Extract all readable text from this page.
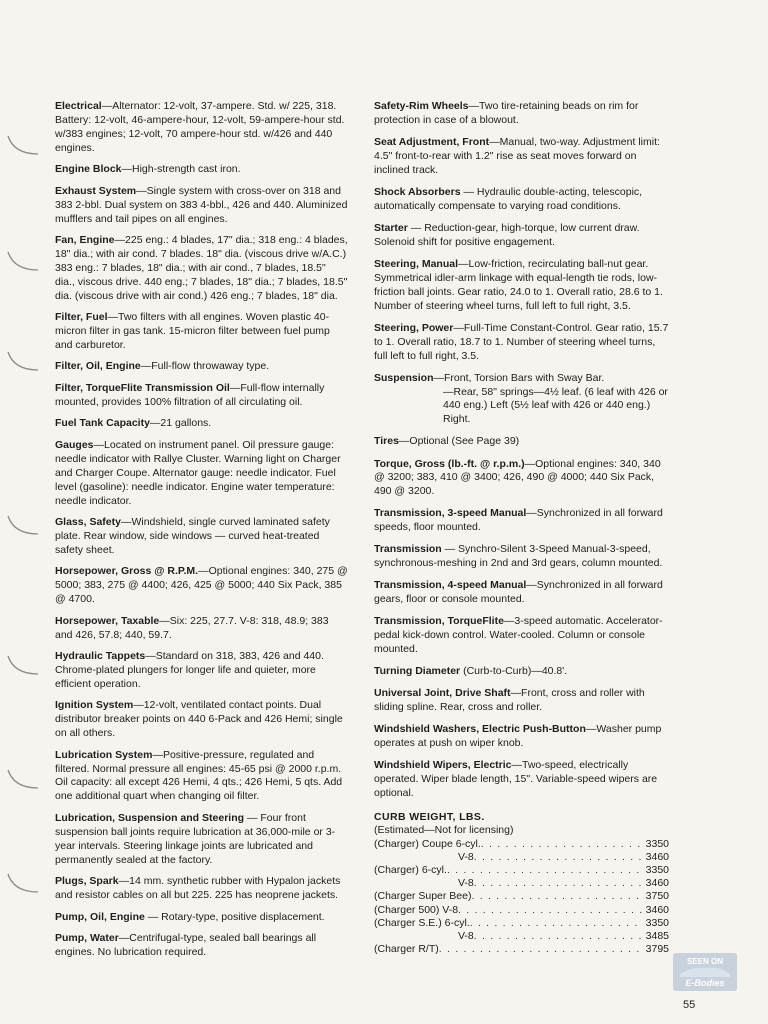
Electrical—Alternator: 12-volt, 37-ampere. Std. w/ 225, 318. Battery: 12-volt, 46-ampere-hour, 12-volt, 59-ampere-hour std. w/383 engines; 12-volt, 70 ampere-hour std. w/426 and 440 engines.
Engine Block—High-strength cast iron.
Exhaust System—Single system with cross-over on 318 and 383 2-bbl. Dual system on 383 4-bbl., 426 and 440. Aluminized mufflers and tail pipes on all engines.
Fan, Engine—225 eng.: 4 blades, 17" dia.; 318 eng.: 4 blades, 18" dia.; with air cond. 7 blades. 18" dia. (viscous drive w/A.C.) 383 eng.: 7 blades, 18" dia.; with air cond., 7 blades, 18.5" dia., viscous drive. 440 eng.; 7 blades, 18" dia.; 7 blades, 18.5" dia. (viscous drive with air cond.) 426 eng.; 7 blades, 18" dia.
Filter, Fuel—Two filters with all engines. Woven plastic 40-micron filter in gas tank. 15-micron filter between fuel pump and carburetor.
Filter, Oil, Engine—Full-flow throwaway type.
Filter, TorqueFlite Transmission Oil—Full-flow internally mounted, provides 100% filtration of all circulating oil.
Fuel Tank Capacity—21 gallons.
Gauges—Located on instrument panel. Oil pressure gauge: needle indicator with Rallye Cluster. Warning light on Charger and Charger Coupe. Alternator gauge: needle indicator. Fuel level (gasoline): needle indicator. Engine water temperature: needle indicator.
Glass, Safety—Windshield, single curved laminated safety plate. Rear window, side windows — curved heat-treated safety sheet.
Horsepower, Gross @ R.P.M.—Optional engines: 340, 275 @ 5000; 383, 275 @ 4400; 426, 425 @ 5000; 440 Six Pack, 385 @ 4700.
Horsepower, Taxable—Six: 225, 27.7. V-8: 318, 48.9; 383 and 426, 57.8; 440, 59.7.
Hydraulic Tappets—Standard on 318, 383, 426 and 440. Chrome-plated plungers for longer life and quieter, more efficient operation.
Ignition System—12-volt, ventilated contact points. Dual distributor breaker points on 440 6-Pack and 426 Hemi; single on all others.
Lubrication System—Positive-pressure, regulated and filtered. Normal pressure all engines: 45-65 psi @ 2000 r.p.m. Oil capacity: all except 426 Hemi, 4 qts.; 426 Hemi, 5 qts. Add one additional quart when changing oil filter.
Lubrication, Suspension and Steering — Four front suspension ball joints require lubrication at 36,000-mile or 3-year intervals. Steering linkage joints are lubricated and permanently sealed at the factory.
Plugs, Spark—14 mm. synthetic rubber with Hypalon jackets and resistor cables on all but 225. 225 has neoprene jackets.
Pump, Oil, Engine — Rotary-type, positive displacement.
Pump, Water—Centrifugal-type, sealed ball bearings all engines. No lubrication required.
Safety-Rim Wheels—Two tire-retaining beads on rim for protection in case of a blowout.
Seat Adjustment, Front—Manual, two-way. Adjustment limit: 4.5" front-to-rear with 1.2" rise as seat moves forward on inclined track.
Shock Absorbers — Hydraulic double-acting, telescopic, automatically compensate to varying road conditions.
Starter — Reduction-gear, high-torque, low current draw. Solenoid shift for positive engagement.
Steering, Manual—Low-friction, recirculating ball-nut gear. Symmetrical idler-arm linkage with equal-length tie rods, low-friction ball joints. Gear ratio, 24.0 to 1. Overall ratio, 28.6 to 1. Number of steering wheel turns, full left to full right, 3.5.
Steering, Power—Full-Time Constant-Control. Gear ratio, 15.7 to 1. Overall ratio, 18.7 to 1. Number of steering wheel turns, full left to full right, 3.5.
Suspension—Front, Torsion Bars with Sway Bar.
—Rear, 58" springs—4½ leaf. (6 leaf with 426 or 440 eng.) Left (5½ leaf with 426 or 440 eng.) Right.
Tires—Optional (See Page 39)
Torque, Gross (lb.-ft. @ r.p.m.)—Optional engines: 340, 340 @ 3200; 383, 410 @ 3400; 426, 490 @ 4000; 440 Six Pack, 490 @ 3200.
Transmission, 3-speed Manual—Synchronized in all forward speeds, floor mounted.
Transmission — Synchro-Silent 3-Speed Manual-3-speed, synchronous-meshing in 2nd and 3rd gears, column mounted.
Transmission, 4-speed Manual—Synchronized in all forward gears, floor or console mounted.
Transmission, TorqueFlite—3-speed automatic. Accelerator-pedal kick-down control. Water-cooled. Column or console mounted.
Turning Diameter (Curb-to-Curb)—40.8'.
Universal Joint, Drive Shaft—Front, cross and roller with sliding spline. Rear, cross and roller.
Windshield Washers, Electric Push-Button—Washer pump operates at push on wiper knob.
Windshield Wipers, Electric—Two-speed, electrically operated. Wiper blade length, 15". Variable-speed wipers are optional.
CURB WEIGHT, LBS.
(Estimated—Not for licensing)
(Charger) Coupe 6-cyl. . . .	3350
V-8 . . .	3460
(Charger) 6-cyl. . . .	3350
V-8 . . .	3460
(Charger Super Bee) . . .	3750
(Charger 500) V-8 . . .	3460
(Charger S.E.) 6-cyl. . . .	3350
V-8 . . .	3485
(Charger R/T) . . .	3795
SEEN ON
E-Bodies
55
